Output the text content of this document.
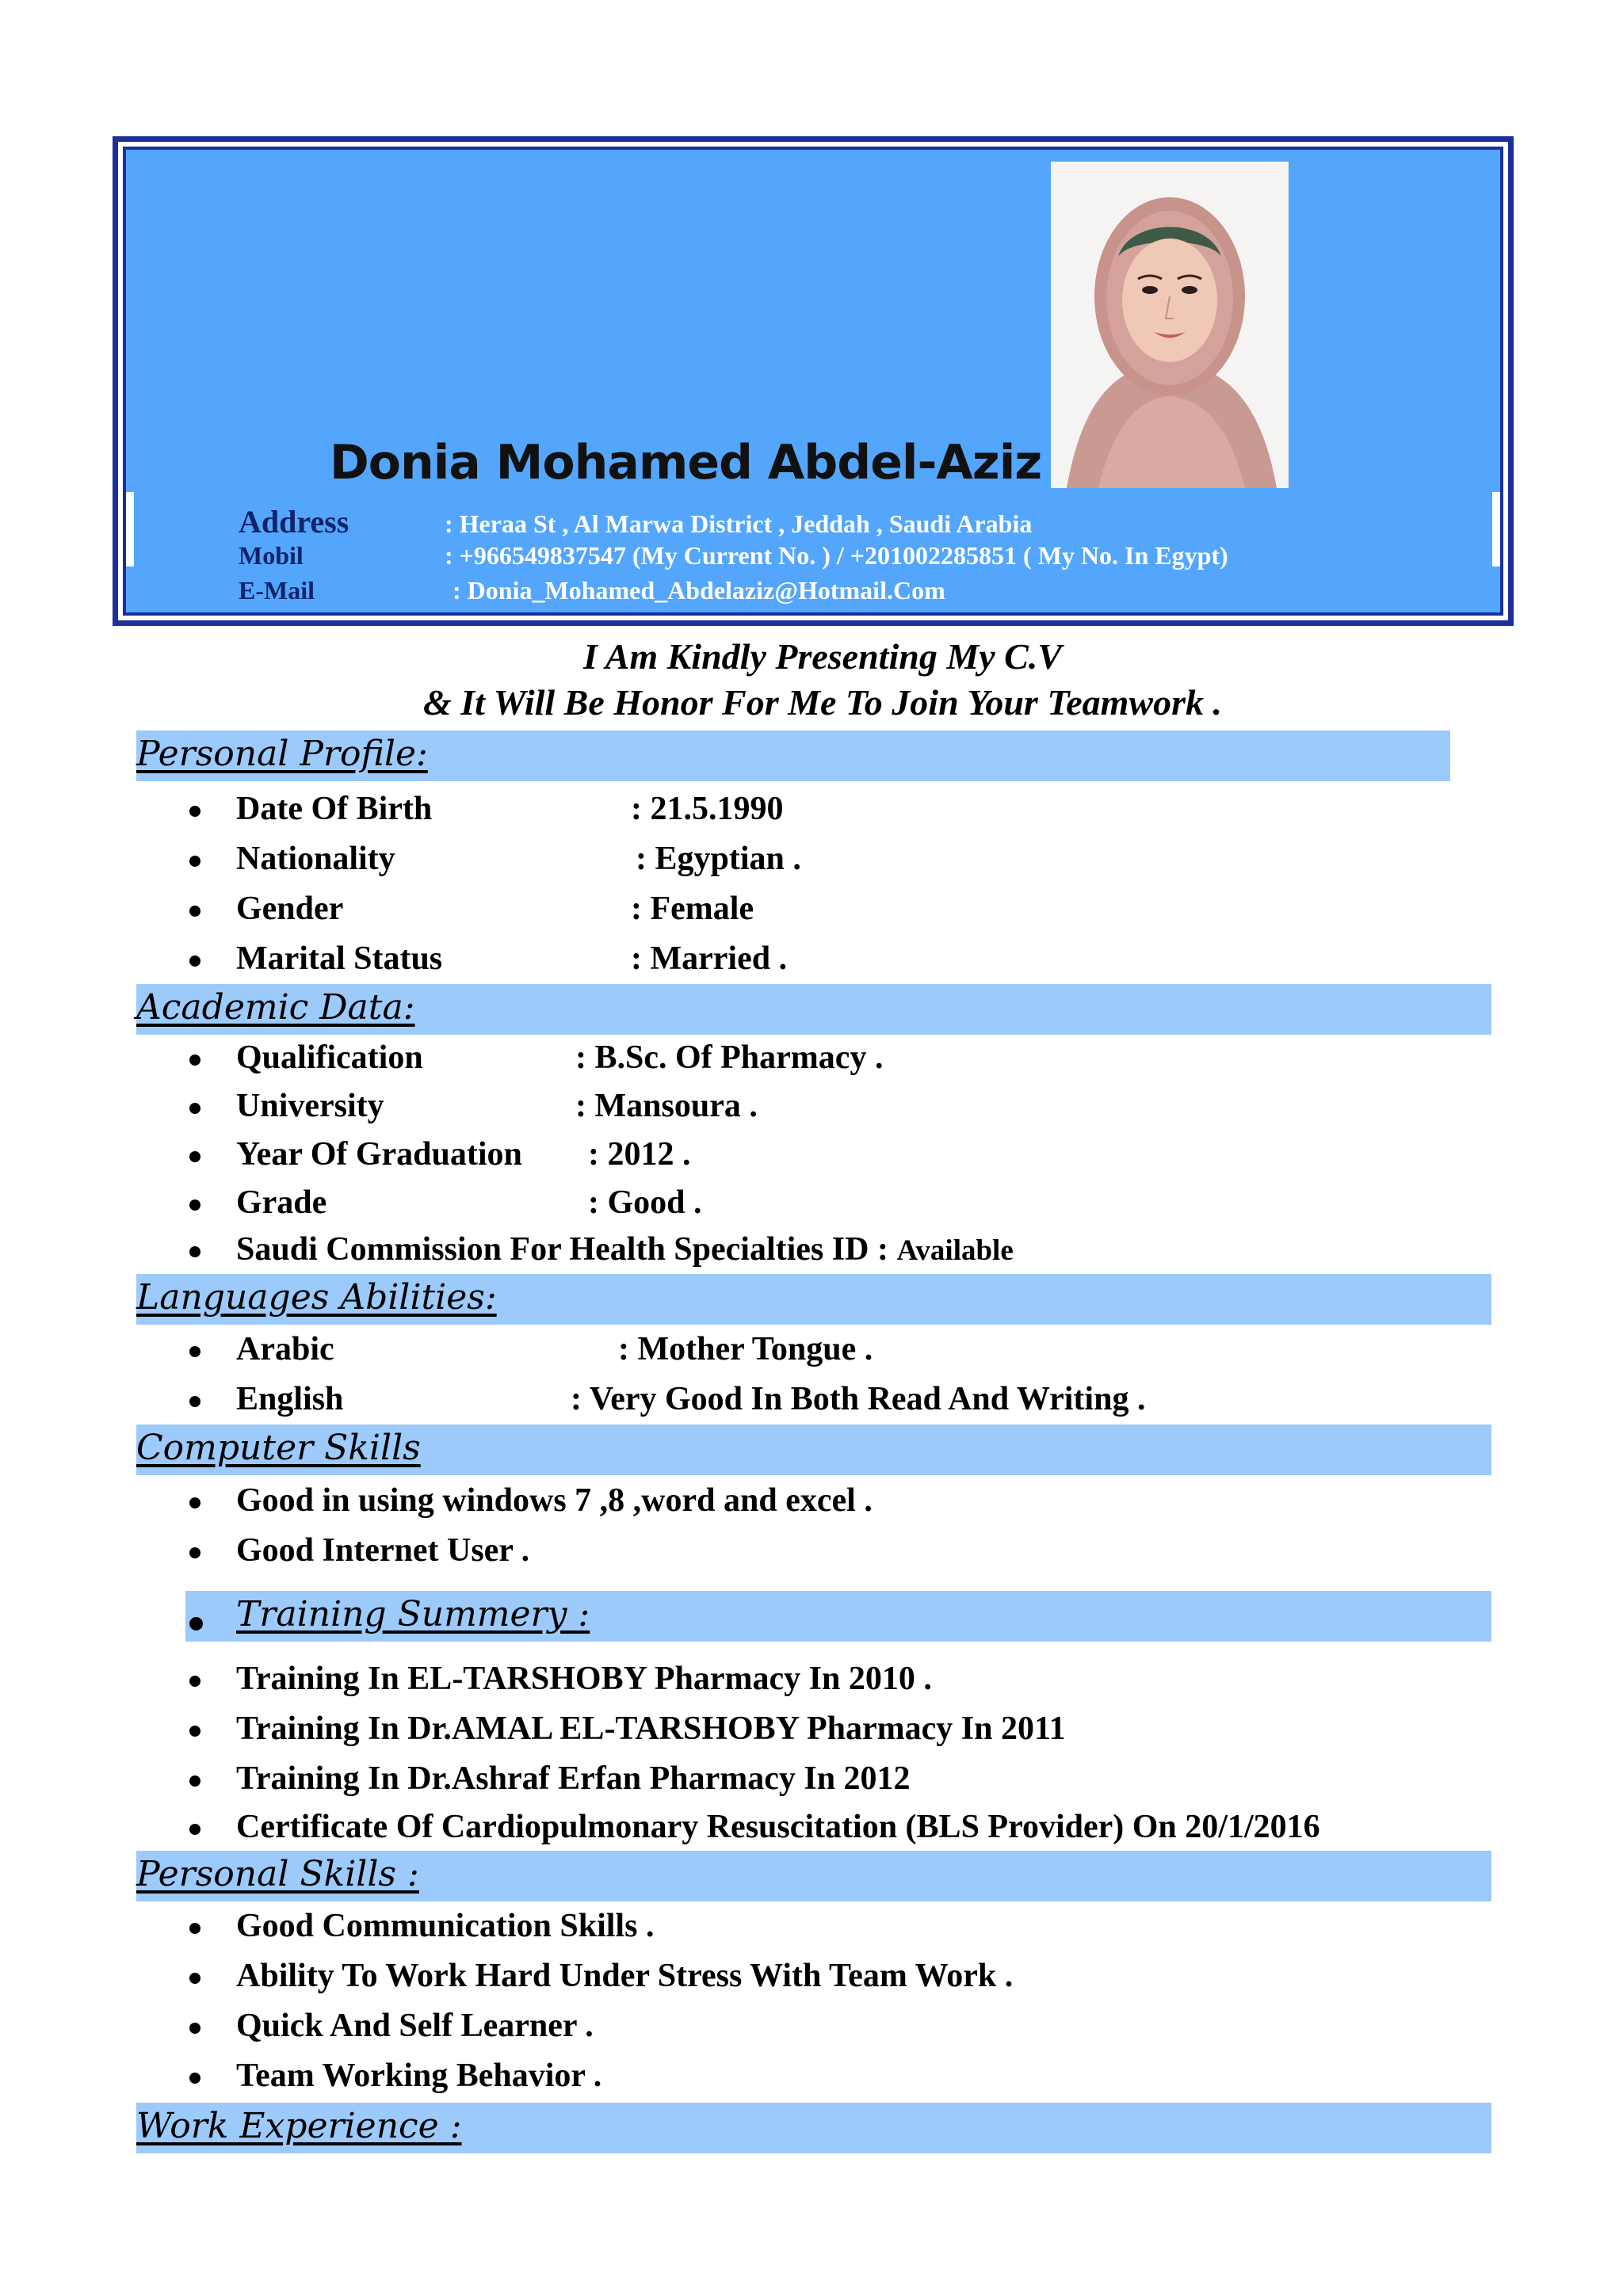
Donia Mohamed Abdel-Aziz
Address	: Heraa St , Al Marwa District , Jeddah , Saudi Arabia
Mobil	: +966549837547 (My Current No. ) / +201002285851 ( My No. In Egypt)
E-Mail	: Donia_Mohamed_Abdelaziz@Hotmail.Com
I Am Kindly Presenting My C.V
& It Will Be Honor For Me To Join Your Teamwork .
Personal Profile:
Date Of Birth	: 21.5.1990
Nationality	: Egyptian .
Gender	: Female
Marital Status	: Married .
Academic Data:
Qualification	: B.Sc. Of Pharmacy .
University	: Mansoura .
Year Of Graduation : 2012 .
Grade	: Good .
Saudi Commission For Health Specialties ID : Available
Languages Abilities:
Arabic	: Mother Tongue .
English	: Very Good In Both Read And Writing .
Computer Skills
Good in using windows 7 ,8 ,word and excel .
Good Internet User .
Training Summery :
Training In EL-TARSHOBY Pharmacy In 2010 .
Training In Dr.AMAL EL-TARSHOBY Pharmacy In 2011
Training In Dr.Ashraf Erfan Pharmacy In 2012
Certificate Of Cardiopulmonary Resuscitation (BLS Provider) On 20/1/2016
Personal Skills :
Good Communication Skills .
Ability To Work Hard Under Stress With Team Work .
Quick And Self Learner .
Team Working Behavior .
Work Experience :
